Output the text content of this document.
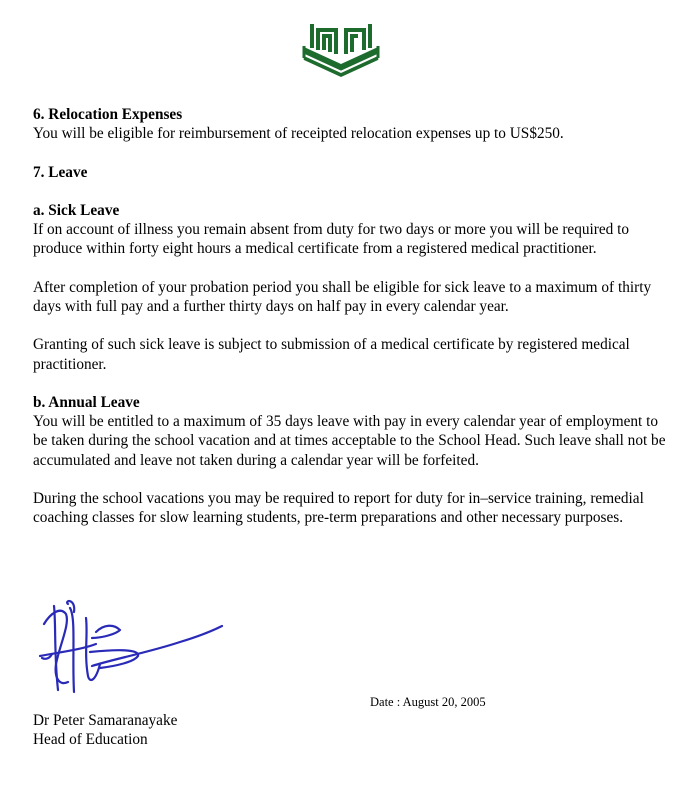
6. Relocation Expenses

You will be eligible for reimbursement of receipted relocation expenses up to US$250.

7. Leave

a. Sick Leave

If on account of illness you remain absent from duty for two days or more you will be required to produce within forty eight hours a medical certificate from a registered medical practitioner.

After completion of your probation period you shall be eligible for sick leave to a maximum of thirty days with full pay and a further thirty days on half pay in every calendar year.

Granting of such sick leave is subject to submission of a medical certificate by registered medical practitioner.

b. Annual Leave

You will be entitled to a maximum of 35 days leave with pay in every calendar year of employment to be taken during the school vacation and at times acceptable to the School Head. Such leave shall not be accumulated and leave not taken during a calendar year will be forfeited.

During the school vacations you may be required to report for duty for in–service training, remedial coaching classes for slow learning students, pre-term preparations and other necessary purposes.

Date : August 20, 2005
Dr Peter Samaranayake
Head of Education
